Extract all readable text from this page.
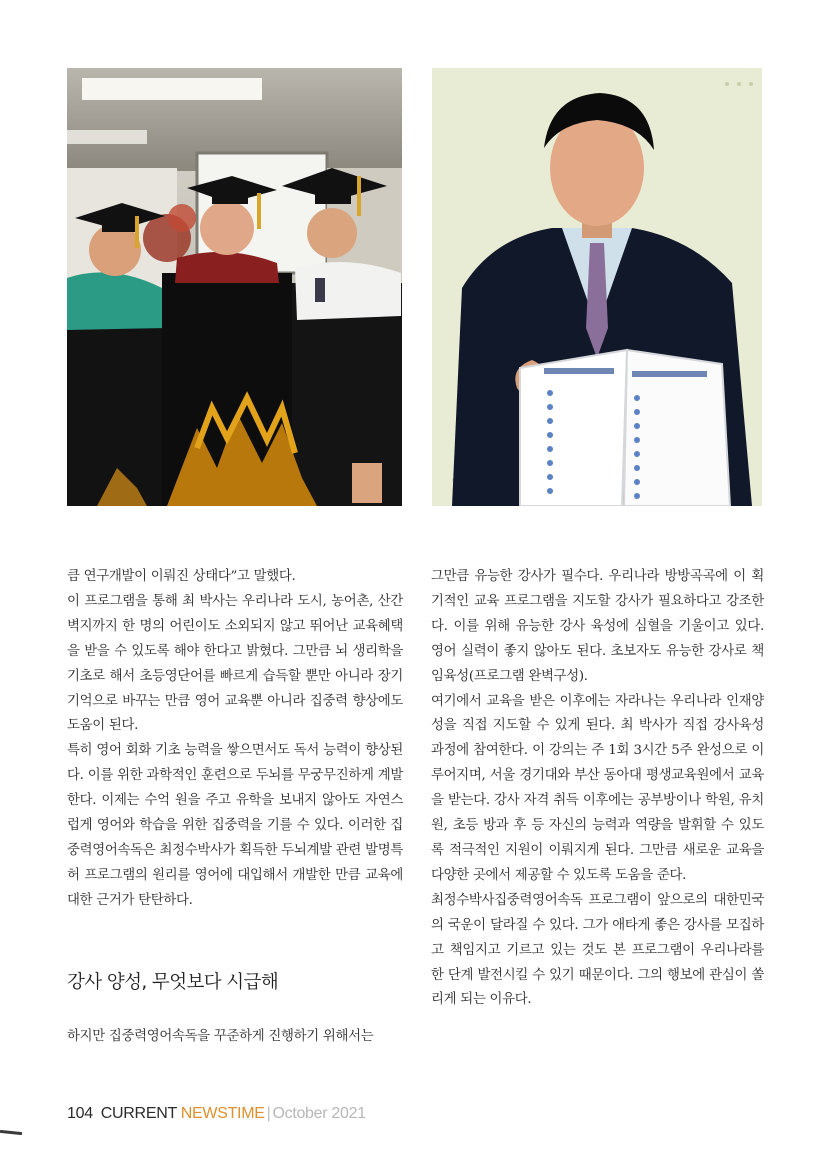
큼 연구개발이 이뤄진 상태다”고 말했다.

이 프로그램을 통해 최 박사는 우리나라 도시, 농어촌, 산간벽지까지 한 명의 어린이도 소외되지 않고 뛰어난 교육혜택을 받을 수 있도록 해야 한다고 밝혔다. 그만큼 뇌 생리학을 기초로 해서 초등영단어를 빠르게 습득할 뿐만 아니라 장기기억으로 바꾸는 만큼 영어 교육뿐 아니라 집중력 향상에도 도움이 된다.

특히 영어 회화 기초 능력을 쌓으면서도 독서 능력이 향상된다. 이를 위한 과학적인 훈련으로 두뇌를 무궁무진하게 계발한다. 이제는 수억 원을 주고 유학을 보내지 않아도 자연스럽게 영어와 학습을 위한 집중력을 기를 수 있다. 이러한 집중력영어속독은 최정수박사가 획득한 두뇌계발 관련 발명특허 프로그램의 원리를 영어에 대입해서 개발한 만큼 교육에 대한 근거가 탄탄하다.

강사 양성, 무엇보다 시급해

하지만 집중력영어속독을 꾸준하게 진행하기 위해서는

그만큼 유능한 강사가 필수다. 우리나라 방방곡곡에 이 획기적인 교육 프로그램을 지도할 강사가 필요하다고 강조한다. 이를 위해 유능한 강사 육성에 심혈을 기울이고 있다. 영어 실력이 좋지 않아도 된다. 초보자도 유능한 강사로 책임육성(프로그램 완벽구성).

여기에서 교육을 받은 이후에는 자라나는 우리나라 인재양성을 직접 지도할 수 있게 된다. 최 박사가 직접 강사육성 과정에 참여한다. 이 강의는 주 1회 3시간 5주 완성으로 이루어지며, 서울 경기대와 부산 동아대 평생교육원에서 교육을 받는다. 강사 자격 취득 이후에는 공부방이나 학원, 유치원, 초등 방과 후 등 자신의 능력과 역량을 발휘할 수 있도록 적극적인 지원이 이뤄지게 된다. 그만큼 새로운 교육을 다양한 곳에서 제공할 수 있도록 도움을 준다.

최정수박사집중력영어속독 프로그램이 앞으로의 대한민국의 국운이 달라질 수 있다. 그가 애타게 좋은 강사를 모집하고 책임지고 기르고 있는 것도 본 프로그램이 우리나라를 한 단계 발전시킬 수 있기 때문이다. 그의 행보에 관심이 쏠리게 되는 이유다.

104 CURRENT NEWSTIME | October 2021
